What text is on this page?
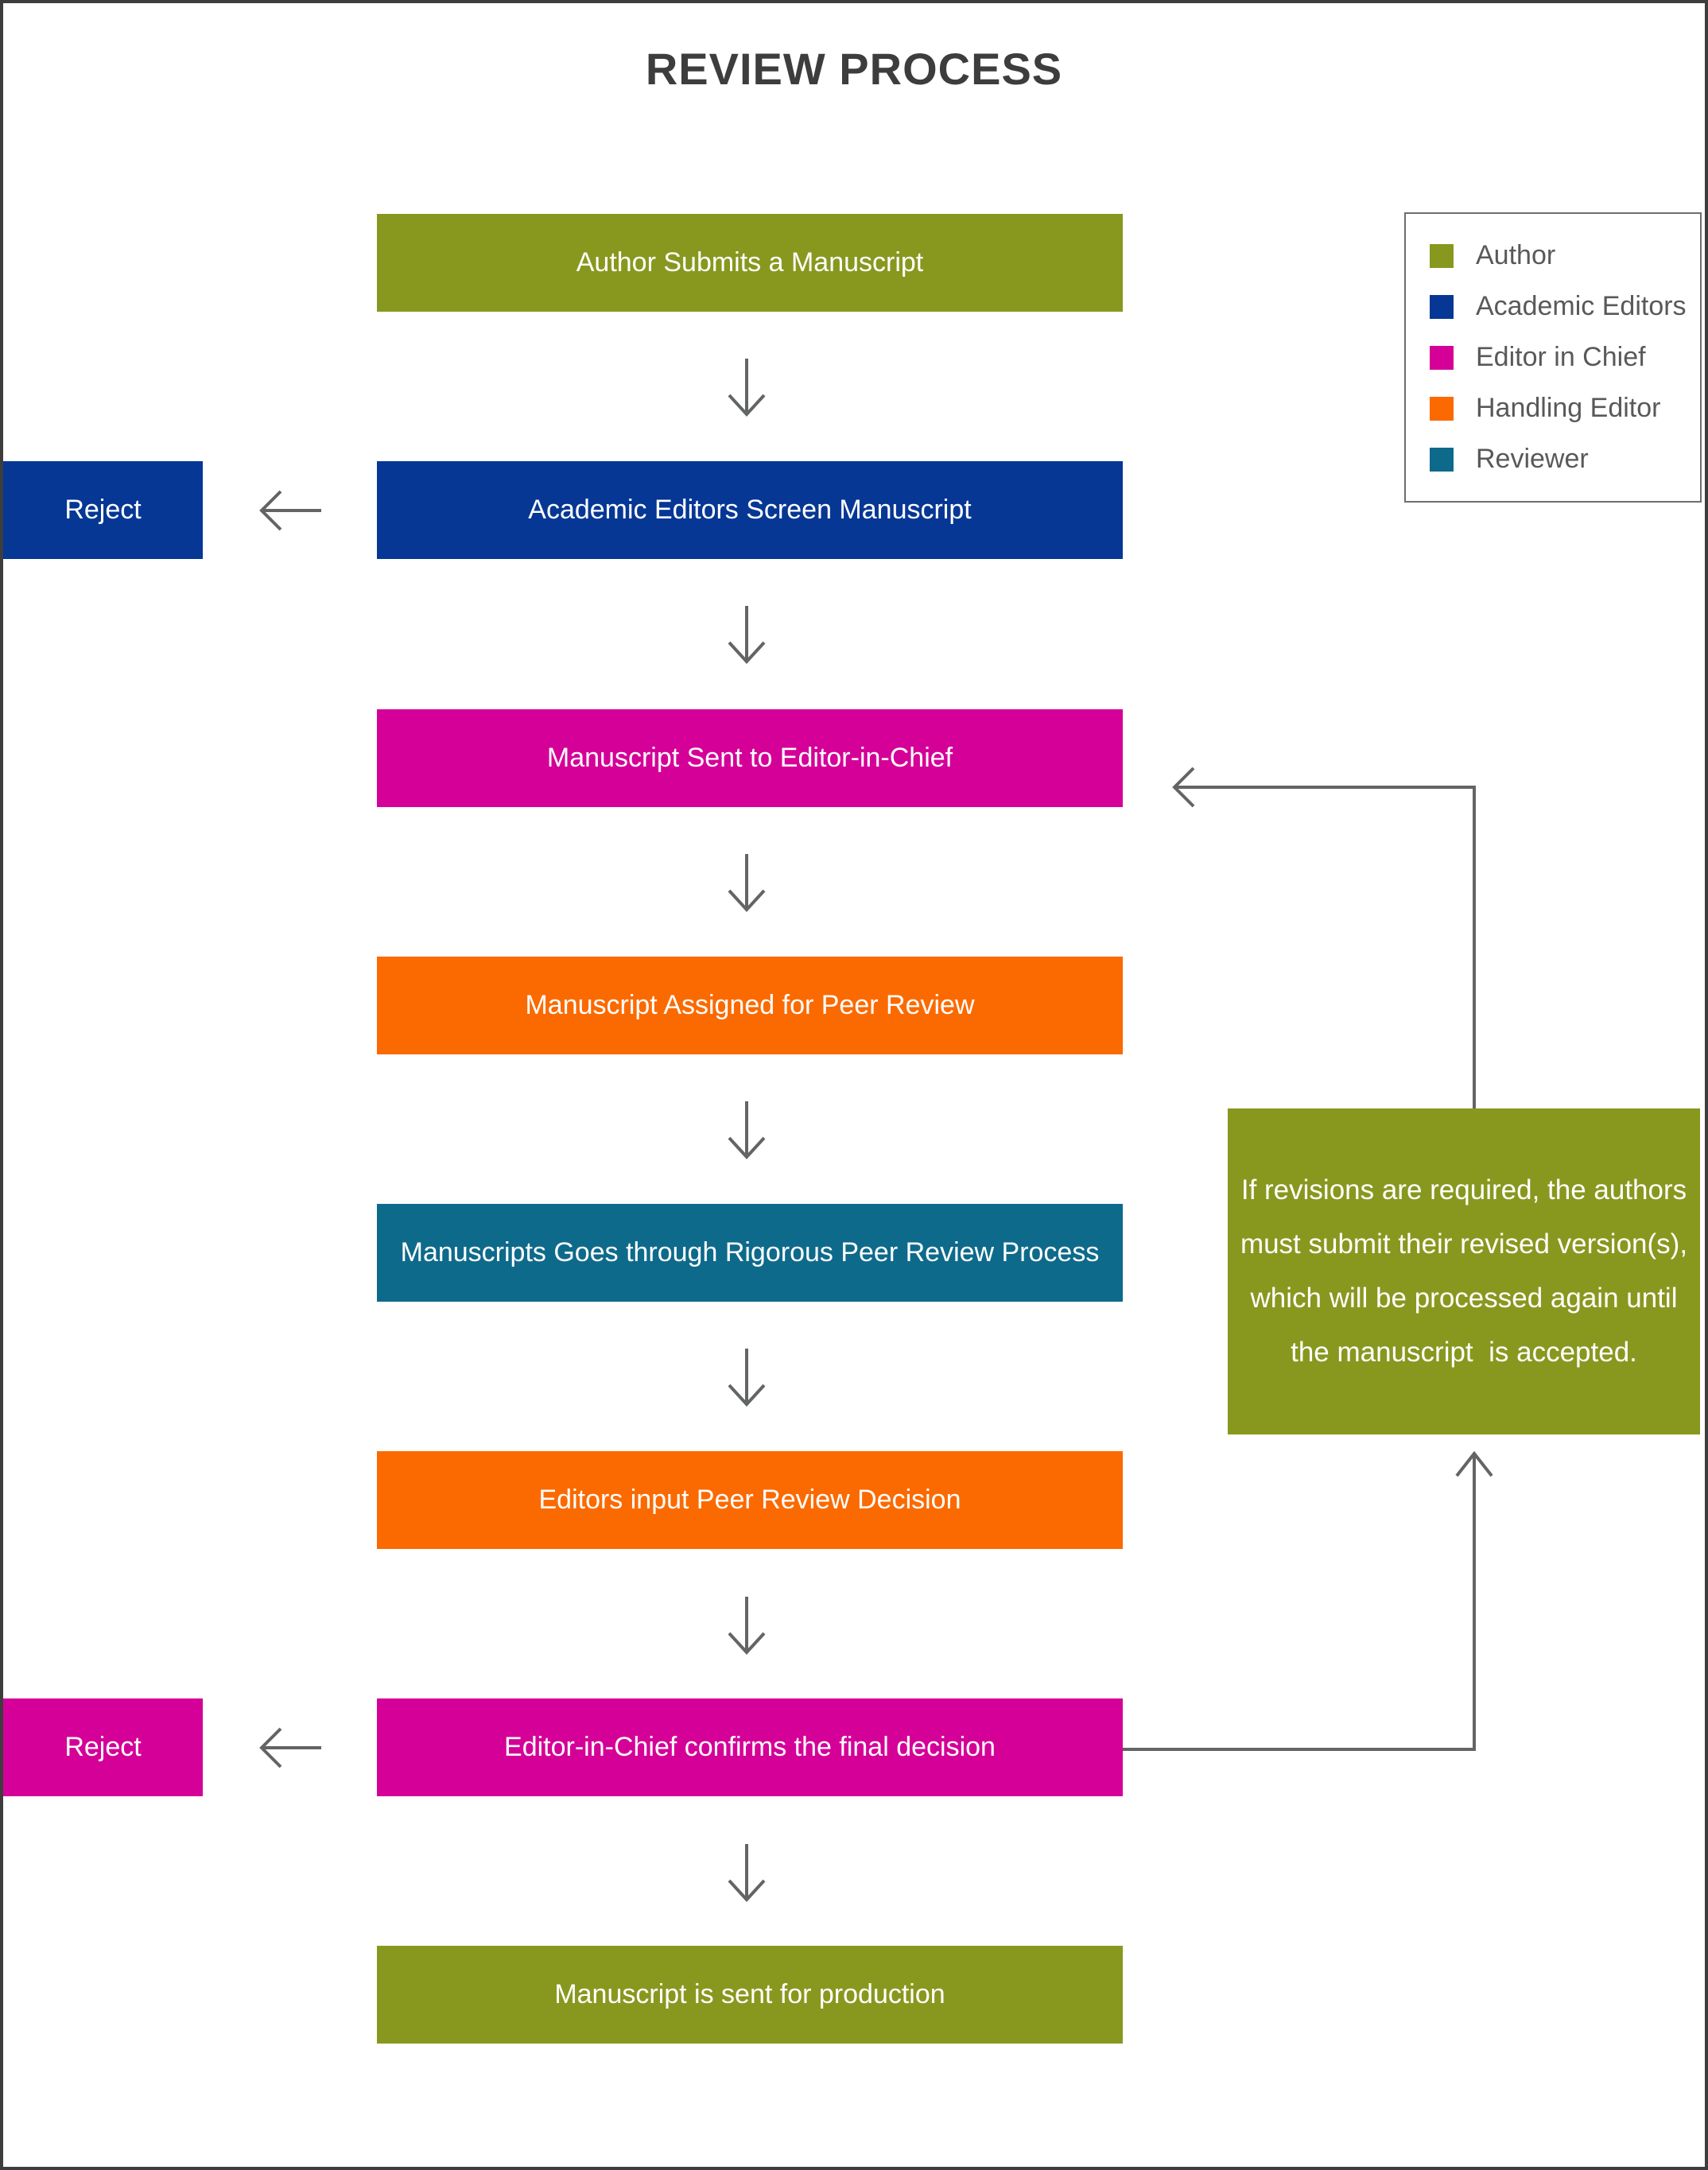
REVIEW PROCESS
Author Submits a Manuscript
Academic Editors Screen Manuscript
Manuscript Sent to Editor-in-Chief
Manuscript Assigned for Peer Review
Manuscripts Goes through Rigorous Peer Review Process
Editors input Peer Review Decision
Editor-in-Chief confirms the final decision
Manuscript is sent for production
Reject
Reject
Author
Academic Editors
Editor in Chief
Handling Editor
Reviewer
If revisions are required, the authors
must submit their revised version(s),
which will be processed again until
the manuscript  is accepted.
